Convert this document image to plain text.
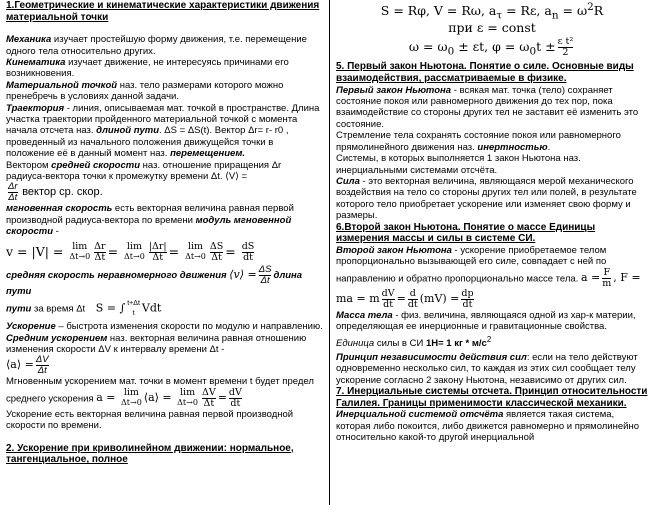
1.Геометрические и кинематические характеристики движения материальной точки

Механика изучает простейшую форму движения, т.е. перемещение одного тела относительно других.

Кинематика изучает движение, не интересуясь причинами его возникновения.

Материальной точкой наз. тело размерами которого можно пренебречь в условиях данной задачи.

Траектория - линия, описываемая мат. точкой в пространстве. Длина участка траектории пройденного материальной точкой с момента начала отсчета наз. длиной пути. ΔS = ΔS(t). Вектор Δr= r- r0 , проведенный из начального положения движущейся точки в положение её в данный момент наз. перемещением.

Вектором средней скорости наз. отношение приращения Δr радиуса-вектора точки к промежутку времени Δt. ⟨V⟩ =

$\frac{\Delta r}{\Delta t}$ вектор ср. скор.

мгновенная скорость есть векторная величина равная первой производной радиуса-вектора по времени модуль мгновенной скорости -

v = |V| = lim
$\Delta t\to 0 \frac{\Delta r}{\Delta t} = \lim$
$\Delta t\to 0 \frac{|\Delta r|}{\Delta t} = \lim$
$\Delta t\to 0 \frac{\Delta S}{\Delta t} = \frac{dS}{dt}$

средняя скорость неравномерного движения ⟨v⟩ = $\frac{\Delta S}{\Delta t}$ длина пути

пути за время Δt S = ∫ t+Δt
t Vdt

Ускорение – быстрота изменения скорости по модулю и направлению.

Средним ускорением наз. векторная величина равная отношению изменения скорости ΔV к интервалу времени Δt -

⟨a⟩ = $\frac{\Delta V}{\Delta t}$

Мгновенным ускорением мат. точки в момент времени t будет предел среднего ускорения a = lim
Δt→0 ⟨a⟩ = lim
$\Delta t\to 0 \frac{\Delta V}{\Delta t} = \frac{dV}{dt}$

Ускорение есть векторная величина равная первой производной скорости по времени.

2. Ускорение при криволинейном движении: нормальное, тангенциальное, полное

S = Rφ, V = Rω, $a_\tau = R\varepsilon$, $a_n = \omega^2R$

при ε = const

$\omega = \omega_0 \pm \varepsilon t$, $\varphi = \omega_0t \pm \frac{\text{ε t²}}{2}$

5. Первый закон Ньютона. Понятие о силе. Основные виды взаимодействия, рассматриваемые в физике.

Первый закон Ньютона - всякая мат. точка (тело) сохраняет состояние покоя или равномерного движения до тех пор, пока взаимодействие со стороны других тел не заставит её изменить это состояние.

Стремление тела сохранять состояние покоя или равномерного прямолинейного движения наз. инертностью.

Системы, в которых выполняется 1 закон Ньютона наз. инерциальными системами отсчёта.

Сила - это векторная величина, являющаяся мерой механического воздействия на тело со стороны других тел или полей, в результате которого тело приобретает ускорение или изменяет свою форму и размеры.

6.Второй закон Ньютона. Понятие о массе Единицы измерения массы и силы в системе СИ.

Второй закон Ньютона - ускорение приобретаемое телом пропорционально вызывающей его силе, совпадает с ней по направлению и обратно пропорционально массе тела. $a = \frac{F}{m}$ , F = ma = m $\frac{dV}{dt} = \frac{d}{dt} (mV) = \frac{dp}{dt}$

Масса тела - физ. величина, являющаяся одной из хар-к материи, определяющая ее инерционные и гравитационные свойства.

Единица силы в СИ 1Н= 1 кг * $м/с^2$

Принцип независимости действия сил: если на тело действуют одновременно несколько сил, то каждая из этих сил сообщает телу ускорение согласно 2 закону Ньютона, независимо от других сил.

7. Инерциальные системы отсчета. Принцип относительности Галилея. Границы применимости классической механики.

Инерциальной системой отсчёта является такая система, которая либо покоится, либо движется равномерно и прямолинейно относительно какой-то другой инерциальной
